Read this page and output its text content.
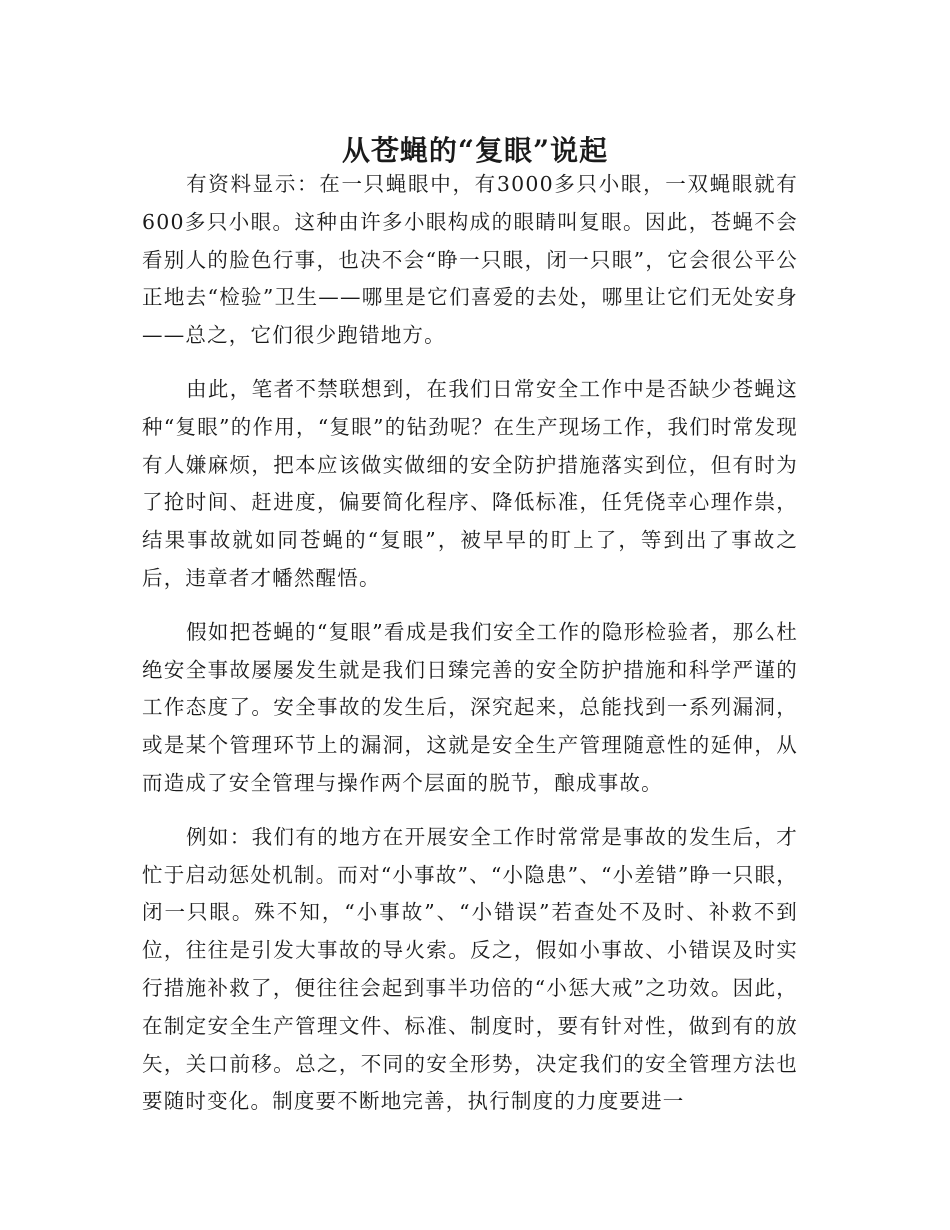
从苍蝇的“复眼”说起

有资料显示：在一只蝇眼中，有3000多只小眼，一双蝇眼就有600多只小眼。这种由许多小眼构成的眼睛叫复眼。因此，苍蝇不会看别人的脸色行事，也决不会“睁一只眼，闭一只眼”，它会很公平公正地去“检验”卫生——哪里是它们喜爱的去处，哪里让它们无处安身——总之，它们很少跑错地方。

由此，笔者不禁联想到，在我们日常安全工作中是否缺少苍蝇这种“复眼”的作用，“复眼”的钻劲呢？在生产现场工作，我们时常发现有人嫌麻烦，把本应该做实做细的安全防护措施落实到位，但有时为了抢时间、赶进度，偏要简化程序、降低标准，任凭侥幸心理作祟，结果事故就如同苍蝇的“复眼”，被早早的盯上了，等到出了事故之后，违章者才幡然醒悟。

假如把苍蝇的“复眼”看成是我们安全工作的隐形检验者，那么杜绝安全事故屡屡发生就是我们日臻完善的安全防护措施和科学严谨的工作态度了。安全事故的发生后，深究起来，总能找到一系列漏洞，或是某个管理环节上的漏洞，这就是安全生产管理随意性的延伸，从而造成了安全管理与操作两个层面的脱节，酿成事故。

例如：我们有的地方在开展安全工作时常常是事故的发生后，才忙于启动惩处机制。而对“小事故”、“小隐患”、“小差错”睁一只眼，闭一只眼。殊不知，“小事故”、“小错误”若查处不及时、补救不到位，往往是引发大事故的导火索。反之，假如小事故、小错误及时实行措施补救了，便往往会起到事半功倍的“小惩大戒”之功效。因此，在制定安全生产管理文件、标准、制度时，要有针对性，做到有的放矢，关口前移。总之，不同的安全形势，决定我们的安全管理方法也要随时变化。制度要不断地完善，执行制度的力度要进一
